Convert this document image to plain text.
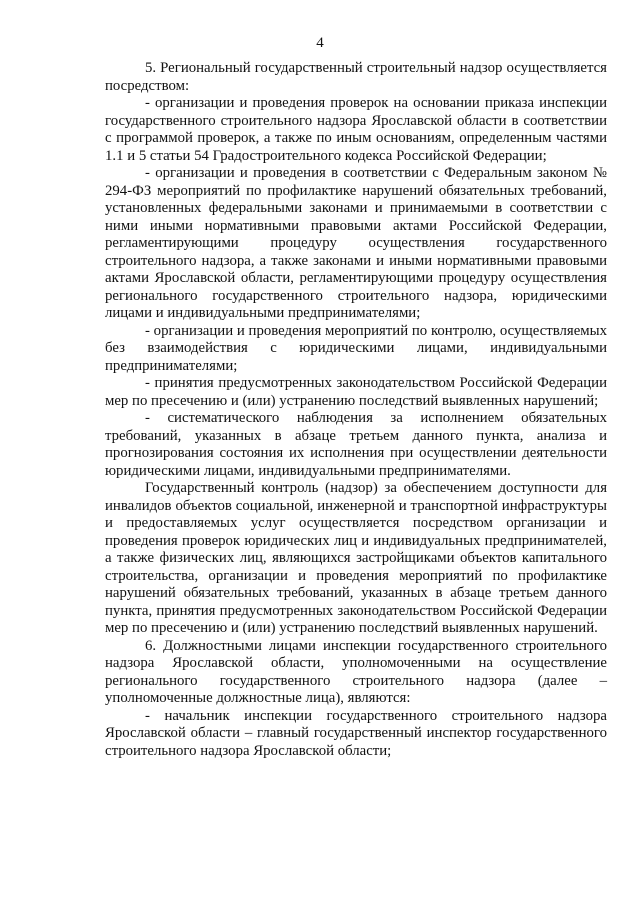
4

5. Региональный государственный строительный надзор осуществляется посредством:

- организации и проведения проверок на основании приказа инспекции государственного строительного надзора Ярославской области в соответствии с программой проверок, а также по иным основаниям, определенным частями 1.1 и 5 статьи 54 Градостроительного кодекса Российской Федерации;

- организации и проведения в соответствии с Федеральным законом № 294-ФЗ мероприятий по профилактике нарушений обязательных требований, установленных федеральными законами и принимаемыми в соответствии с ними иными нормативными правовыми актами Российской Федерации, регламентирующими процедуру осуществления государственного строительного надзора, а также законами и иными нормативными правовыми актами Ярославской области, регламентирующими процедуру осуществления регионального государственного строительного надзора, юридическими лицами и индивидуальными предпринимателями;

- организации и проведения мероприятий по контролю, осуществляемых без взаимодействия с юридическими лицами, индивидуальными предпринимателями;

- принятия предусмотренных законодательством Российской Федерации мер по пресечению и (или) устранению последствий выявленных нарушений;

- систематического наблюдения за исполнением обязательных требований, указанных в абзаце третьем данного пункта, анализа и прогнозирования состояния их исполнения при осуществлении деятельности юридическими лицами, индивидуальными предпринимателями.

Государственный контроль (надзор) за обеспечением доступности для инвалидов объектов социальной, инженерной и транспортной инфраструктуры и предоставляемых услуг осуществляется посредством организации и проведения проверок юридических лиц и индивидуальных предпринимателей, а также физических лиц, являющихся застройщиками объектов капитального строительства, организации и проведения мероприятий по профилактике нарушений обязательных требований, указанных в абзаце третьем данного пункта, принятия предусмотренных законодательством Российской Федерации мер по пресечению и (или) устранению последствий выявленных нарушений.

6. Должностными лицами инспекции государственного строительного надзора Ярославской области, уполномоченными на осуществление регионального государственного строительного надзора (далее – уполномоченные должностные лица), являются:

- начальник инспекции государственного строительного надзора Ярославской области – главный государственный инспектор государственного строительного надзора Ярославской области;
